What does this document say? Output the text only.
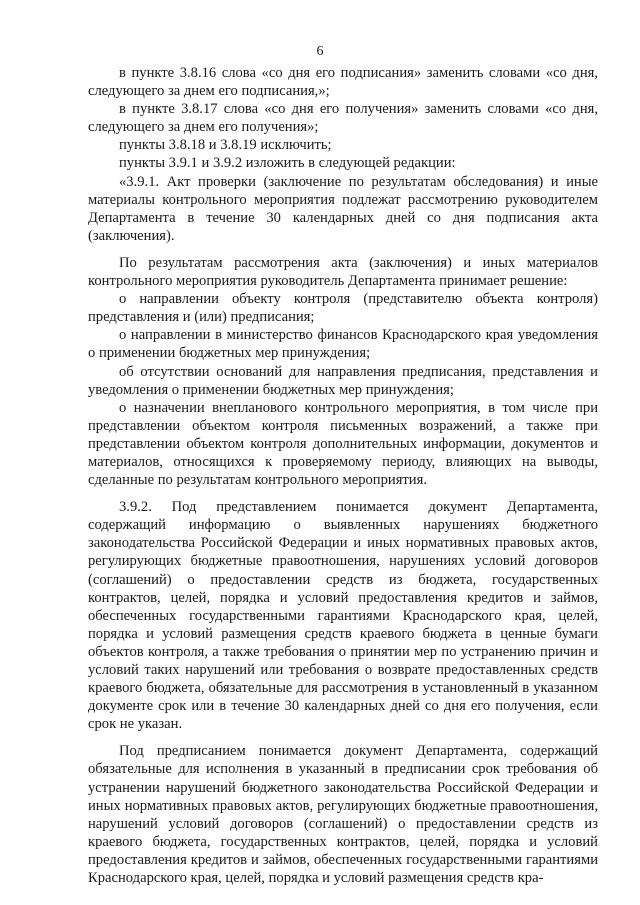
6

в пункте 3.8.16 слова «со дня его подписания» заменить словами «со дня, следующего за днем его подписания,»;

в пункте 3.8.17 слова «со дня его получения» заменить словами «со дня, следующего за днем его получения»;

пункты 3.8.18 и 3.8.19 исключить;

пункты 3.9.1 и 3.9.2 изложить в следующей редакции:

«3.9.1. Акт проверки (заключение по результатам обследования) и иные материалы контрольного мероприятия подлежат рассмотрению руководителем Департамента в течение 30 календарных дней со дня подписания акта (заключения).

По результатам рассмотрения акта (заключения) и иных материалов контрольного мероприятия руководитель Департамента принимает решение:

о направлении объекту контроля (представителю объекта контроля) представления и (или) предписания;

о направлении в министерство финансов Краснодарского края уведомления о применении бюджетных мер принуждения;

об отсутствии оснований для направления предписания, представления и уведомления о применении бюджетных мер принуждения;

о назначении внепланового контрольного мероприятия, в том числе при представлении объектом контроля письменных возражений, а также при представлении объектом контроля дополнительных информации, документов и материалов, относящихся к проверяемому периоду, влияющих на выводы, сделанные по результатам контрольного мероприятия.

3.9.2. Под представлением понимается документ Департамента, содержащий информацию о выявленных нарушениях бюджетного законодательства Российской Федерации и иных нормативных правовых актов, регулирующих бюджетные правоотношения, нарушениях условий договоров (соглашений) о предоставлении средств из бюджета, государственных контрактов, целей, порядка и условий предоставления кредитов и займов, обеспеченных государственными гарантиями Краснодарского края, целей, порядка и условий размещения средств краевого бюджета в ценные бумаги объектов контроля, а также требования о принятии мер по устранению причин и условий таких нарушений или требования о возврате предоставленных средств краевого бюджета, обязательные для рассмотрения в установленный в указанном документе срок или в течение 30 календарных дней со дня его получения, если срок не указан.

Под предписанием понимается документ Департамента, содержащий обязательные для исполнения в указанный в предписании срок требования об устранении нарушений бюджетного законодательства Российской Федерации и иных нормативных правовых актов, регулирующих бюджетные правоотношения, нарушений условий договоров (соглашений) о предоставлении средств из краевого бюджета, государственных контрактов, целей, порядка и условий предоставления кредитов и займов, обеспеченных государственными гарантиями Краснодарского края, целей, порядка и условий размещения средств кра-
